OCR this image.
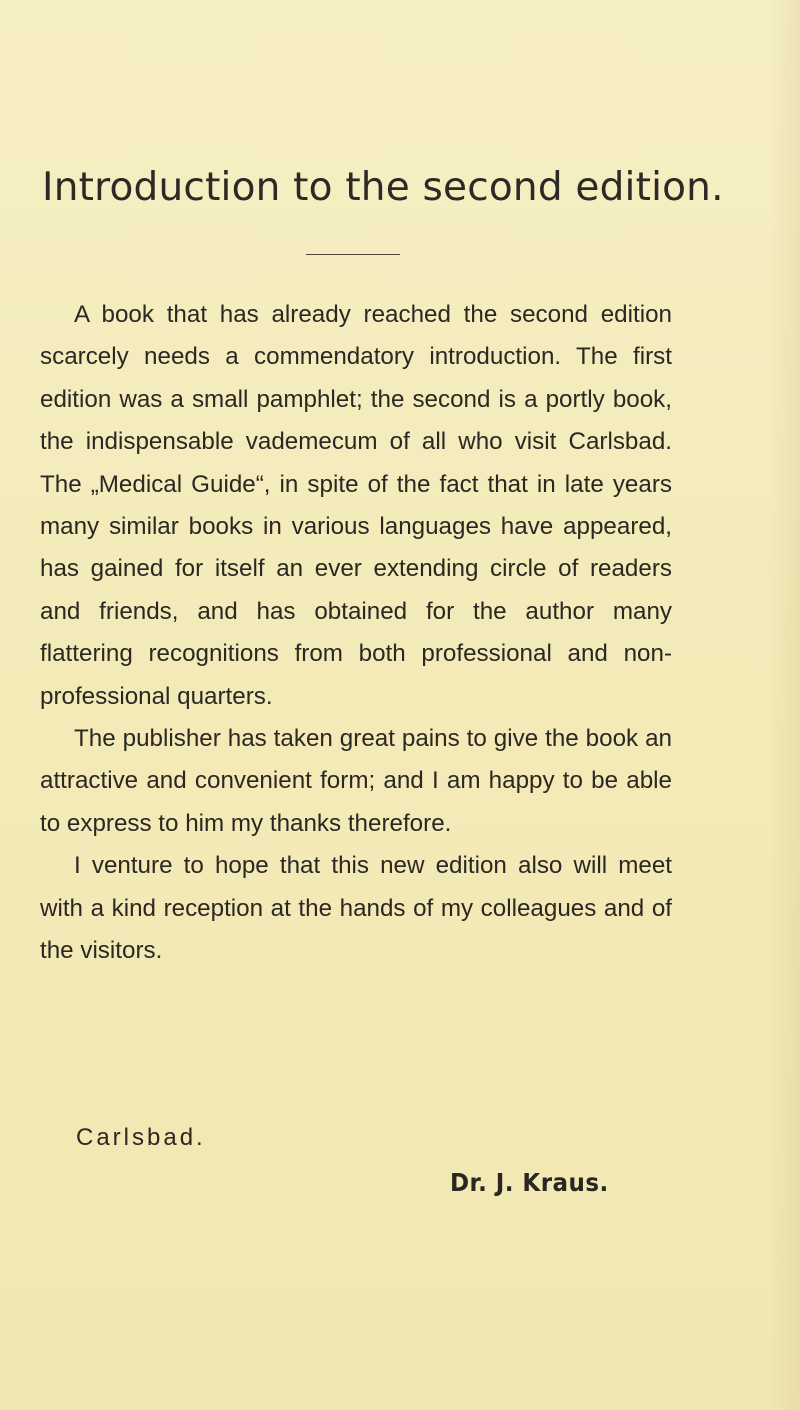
Introduction to the second edition.

A book that has already reached the second edition scarcely needs a commendatory introduction. The first edition was a small pamphlet; the second is a portly book, the indispensable vademecum of all who visit Carlsbad. The „Medical Guide“, in spite of the fact that in late years many similar books in various languages have appeared, has gained for itself an ever extending circle of readers and friends, and has obtained for the author many flattering recognitions from both professional and non-professional quarters.

The publisher has taken great pains to give the book an attractive and convenient form; and I am happy to be able to express to him my thanks therefore.

I venture to hope that this new edition also will meet with a kind reception at the hands of my colleagues and of the visitors.

Carlsbad.

Dr. J. Kraus.
